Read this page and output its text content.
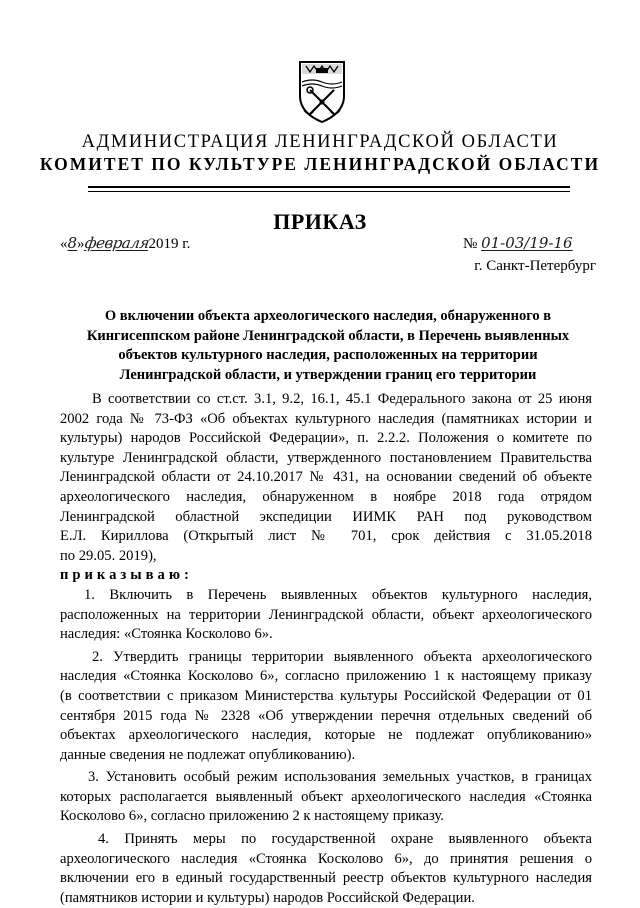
АДМИНИСТРАЦИЯ ЛЕНИНГРАДСКОЙ ОБЛАСТИ
КОМИТЕТ ПО КУЛЬТУРЕ ЛЕНИНГРАДСКОЙ ОБЛАСТИ
ПРИКАЗ
«8»февраля2019 г.	№ 01-03/19-16
г. Санкт-Петербург
О включении объекта археологического наследия, обнаруженного в
Кингисеппском районе Ленинградской области, в Перечень выявленных
объектов культурного наследия, расположенных на территории
Ленинградской области, и утверждении границ его территории

В соответствии со ст.ст. 3.1, 9.2, 16.1, 45.1 Федерального закона от 25 июня
2002 года № 73-ФЗ «Об объектах культурного наследия (памятниках истории и
культуры) народов Российской Федерации», п. 2.2.2. Положения о комитете по
культуре Ленинградской области, утвержденного постановлением Правительства
Ленинградской области от 24.10.2017 № 431, на основании сведений об объекте
археологического наследия, обнаруженном в ноябре 2018 года отрядом
Ленинградской областной экспедиции ИИМК РАН под руководством
Е.Л. Кириллова (Открытый лист № 701, срок действия с 31.05.2018
по 29.05. 2019),

приказываю:

1. Включить в Перечень выявленных объектов культурного наследия,
расположенных на территории Ленинградской области, объект археологического
наследия: «Стоянка Косколово 6».

2. Утвердить границы территории выявленного объекта археологического
наследия «Стоянка Косколово 6», согласно приложению 1 к настоящему приказу
(в соответствии с приказом Министерства культуры Российской Федерации от 01
сентября 2015 года № 2328 «Об утверждении перечня отдельных сведений об
объектах археологического наследия, которые не подлежат опубликованию»
данные сведения не подлежат опубликованию).

3. Установить особый режим использования земельных участков, в границах
которых располагается выявленный объект археологического наследия «Стоянка
Косколово 6», согласно приложению 2 к настоящему приказу.

4. Принять меры по государственной охране выявленного объекта
археологического наследия «Стоянка Косколово 6», до принятия решения о
включении его в единый государственный реестр объектов культурного наследия
(памятников истории и культуры) народов Российской Федерации.
